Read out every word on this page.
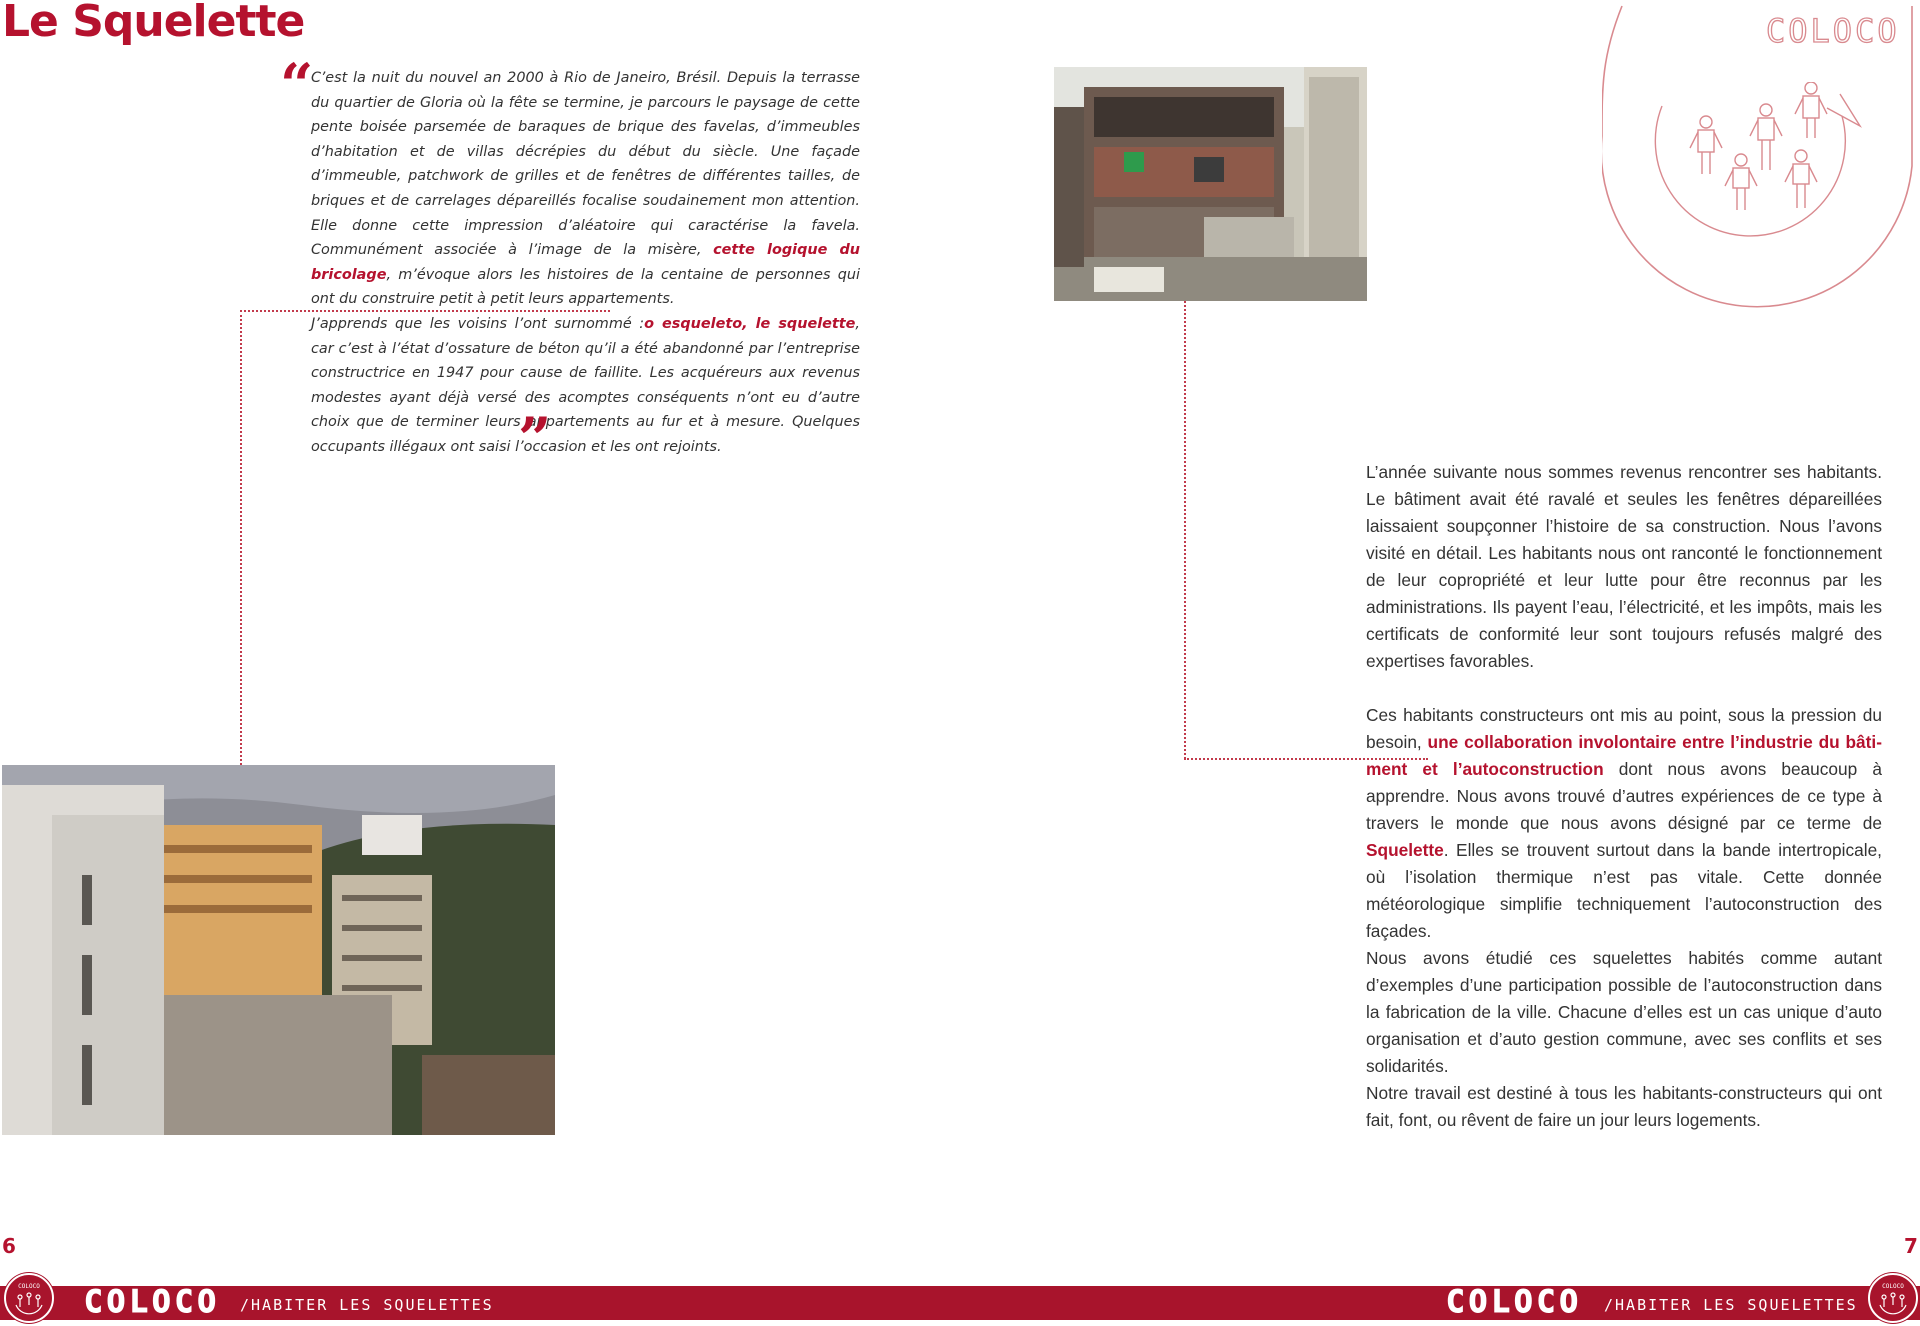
Le Squelette
“

C’est la nuit du nouvel an 2000 à Rio de Janeiro, Brésil. Depuis la terrasse du quartier de Gloria où la fête se termine, je parcours le paysage de cette pente boisée parsemée de baraques de brique des favelas, d’immeubles d’habitation et de villas décrépies du début du siècle. Une façade d’immeuble, patchwork de grilles et de fenêtres de différentes tailles, de briques et de carrelages dépareillés focalise soudainement mon attention. Elle donne cette impression d’aléatoire qui caractérise la favela. Communément associée à l’image de la misère, cette logique du bricolage, m’évoque alors les histoires de la centaine de personnes qui ont du construire petit à petit leurs appartements.

J’apprends que les voisins l’ont surnommé :o esqueleto, le squelette, car c’est à l’état d’ossature de béton qu’il a été abandonné par l’entreprise constructrice en 1947 pour cause de faillite. Les acquéreurs aux revenus modestes ayant déjà versé des acomptes conséquents n’ont eu d’autre choix que de terminer leurs appartements au fur et à mesure. Quelques occupants illégaux ont saisi l’occasion et les ont rejoints.

”	L’année suivante nous sommes revenus rencontrer ses habitants. Le bâtiment avait été ravalé et seules les fenêtres dépareillées laissaient soupçonner l’histoire de sa construction. Nous l’avons visité en détail. Les habitants nous ont ranconté le fonctionnement de leur copropriété et leur lutte pour être reconnus par les administrations. Ils payent l’eau, l’électricité, et les impôts, mais les certificats de conformité leur sont toujours refusés malgré des expertises favorables.

Ces habitants constructeurs ont mis au point, sous la pression du besoin, une collaboration involontaire entre l’industrie du bâti-ment et l’autoconstruction dont nous avons beaucoup à apprendre. Nous avons trouvé d’autres expériences de ce type à travers le monde que nous avons désigné par ce terme de Squelette. Elles se trouvent surtout dans la bande intertropicale, où l’isolation thermique n’est pas vitale. Cette donnée météorologique simplifie techniquement l’autoconstruction des façades.

Nous avons étudié ces squelettes habités comme autant d’exemples d’une participation possible de l’autoconstruction dans la fabrication de la ville. Chacune d’elles est un cas unique d’auto organisation et d’auto gestion commune, avec ses conflits et ses solidarités.

Notre travail est destiné à tous les habitants-constructeurs qui ont fait, font, ou rêvent de faire un jour leurs logements.

COLOCO
6	7
COLOCO COLOCO /HABITER LES SQUELETTES	COLOCO /HABITER LES SQUELETTES
COLOCO
